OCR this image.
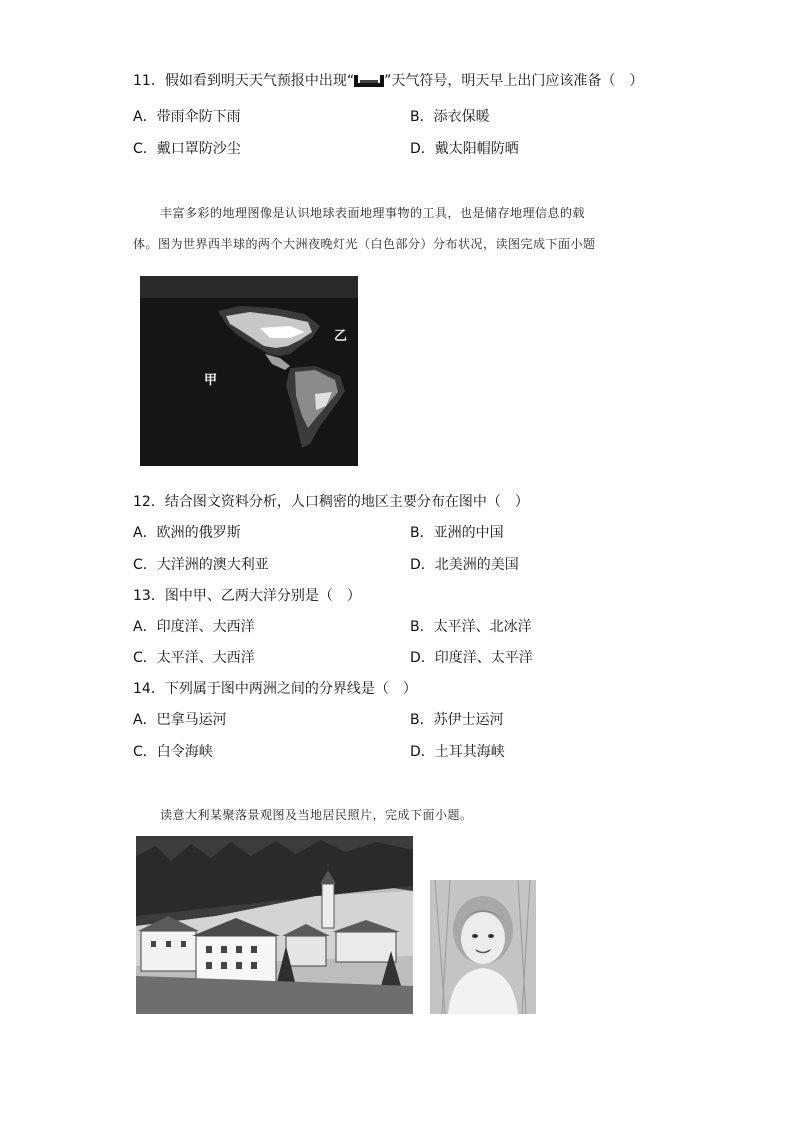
11．假如看到明天天气预报中出现“ ”天气符号，明天早上出门应该准备（　）
A．带雨伞防下雨	B．添衣保暖
C．戴口罩防沙尘	D．戴太阳帽防晒
丰富多彩的地理图像是认识地球表面地理事物的工具，也是储存地理信息的载
体。图为世界西半球的两个大洲夜晚灯光（白色部分）分布状况，读图完成下面小题
甲
乙
12．结合图文资料分析，人口稠密的地区主要分布在图中（　）
A．欧洲的俄罗斯	B．亚洲的中国
C．大洋洲的澳大利亚	D．北美洲的美国
13．图中甲、乙两大洋分别是（　）
A．印度洋、大西洋	B．太平洋、北冰洋
C．太平洋、大西洋	D．印度洋、太平洋
14．下列属于图中两洲之间的分界线是（　）
A．巴拿马运河	B．苏伊士运河
C．白令海峡	D．土耳其海峡
读意大利某聚落景观图及当地居民照片，完成下面小题。
